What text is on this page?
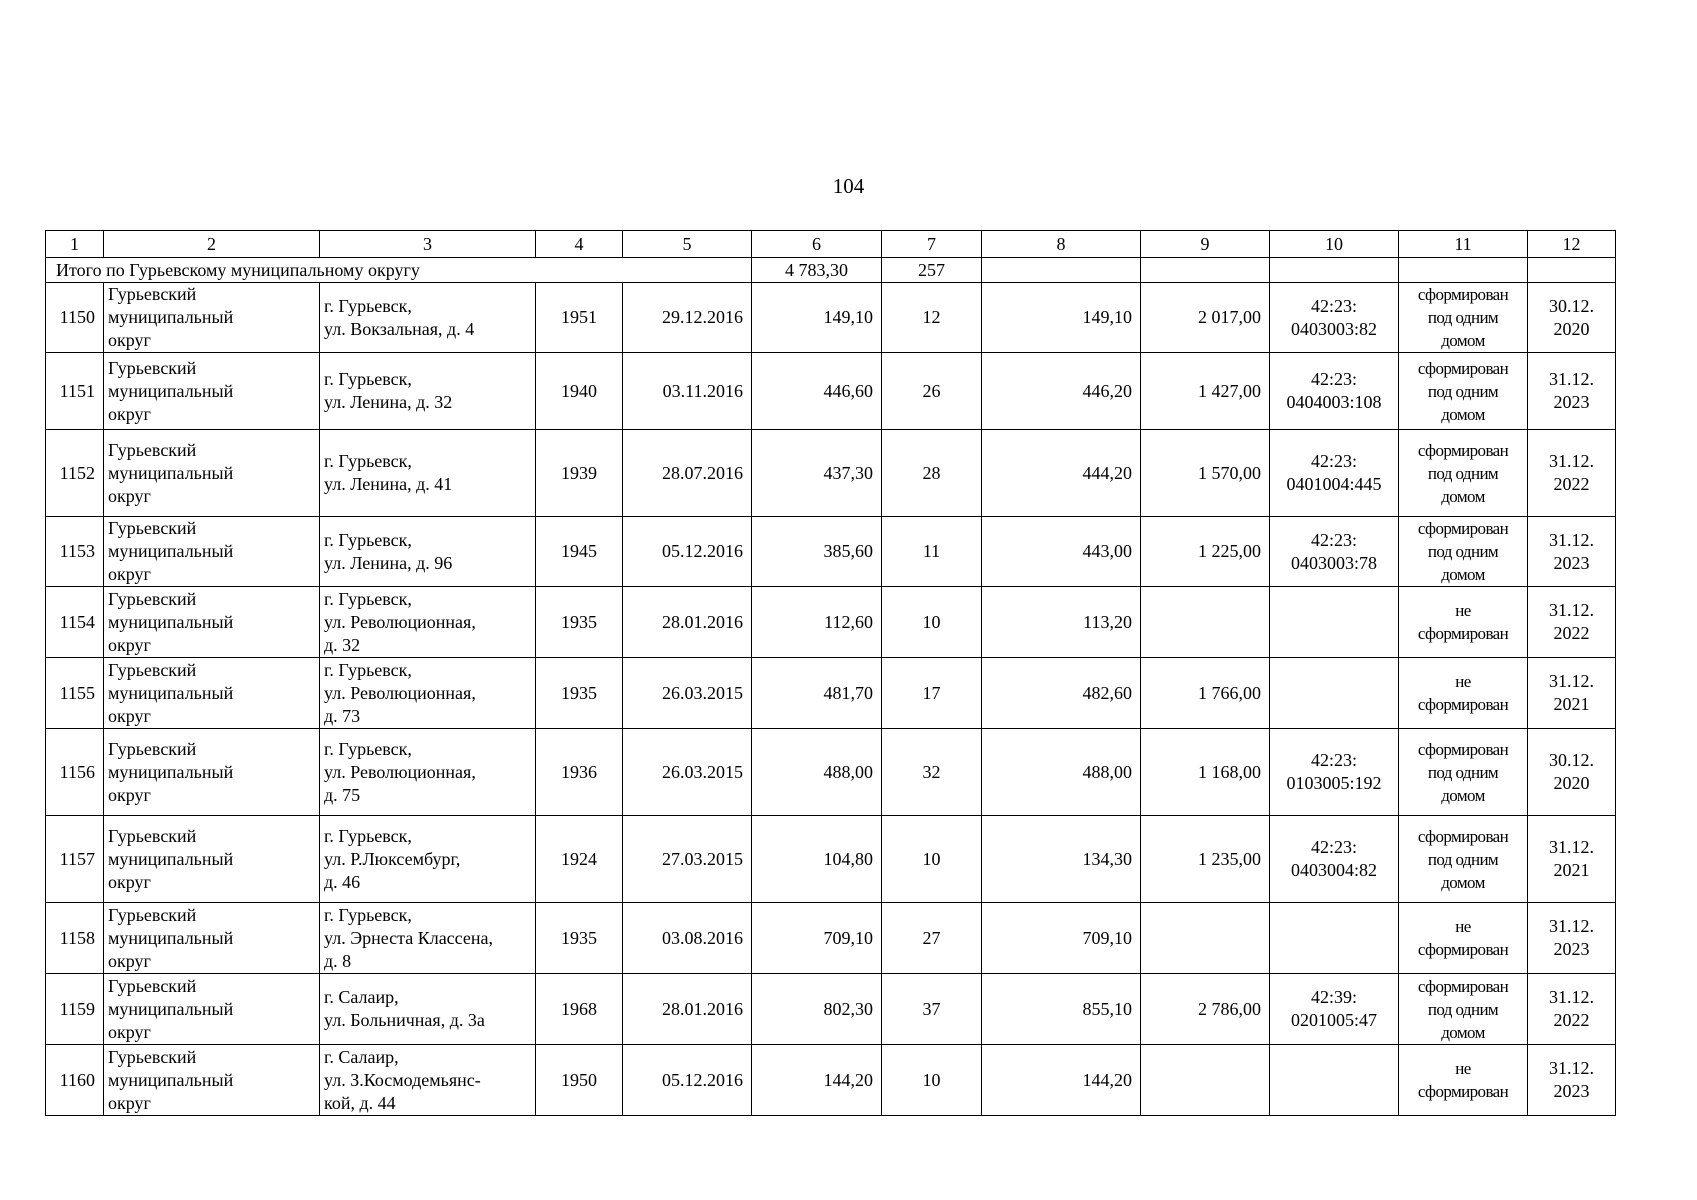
104
1	2	3	4	5	6	7	8	9	10	11	12
Итого по Гурьевскому муниципальному округу					4 783,30	257					
1150	Гурьевский
муниципальный
округ	г. Гурьевск,
ул. Вокзальная, д. 4	1951	29.12.2016	149,10	12	149,10	2 017,00	42:23:
0403003:82	сформирован
под одним
домом	30.12.
2020
1151	Гурьевский
муниципальный
округ	г. Гурьевск,
ул. Ленина, д. 32	1940	03.11.2016	446,60	26	446,20	1 427,00	42:23:
0404003:108	сформирован
под одним
домом	31.12.
2023
1152	Гурьевский
муниципальный
округ	г. Гурьевск,
ул. Ленина, д. 41	1939	28.07.2016	437,30	28	444,20	1 570,00	42:23:
0401004:445	сформирован
под одним
домом	31.12.
2022
1153	Гурьевский
муниципальный
округ	г. Гурьевск,
ул. Ленина, д. 96	1945	05.12.2016	385,60	11	443,00	1 225,00	42:23:
0403003:78	сформирован
под одним
домом	31.12.
2023
1154	Гурьевский
муниципальный
округ	г. Гурьевск,
ул. Революционная,
д. 32	1935	28.01.2016	112,60	10	113,20			не
сформирован	31.12.
2022
1155	Гурьевский
муниципальный
округ	г. Гурьевск,
ул. Революционная,
д. 73	1935	26.03.2015	481,70	17	482,60	1 766,00		не
сформирован	31.12.
2021
1156	Гурьевский
муниципальный
округ	г. Гурьевск,
ул. Революционная,
д. 75	1936	26.03.2015	488,00	32	488,00	1 168,00	42:23:
0103005:192	сформирован
под одним
домом	30.12.
2020
1157	Гурьевский
муниципальный
округ	г. Гурьевск,
ул. Р.Люксембург,
д. 46	1924	27.03.2015	104,80	10	134,30	1 235,00	42:23:
0403004:82	сформирован
под одним
домом	31.12.
2021
1158	Гурьевский
муниципальный
округ	г. Гурьевск,
ул. Эрнеста Классена,
д. 8	1935	03.08.2016	709,10	27	709,10			не
сформирован	31.12.
2023
1159	Гурьевский
муниципальный
округ	г. Салаир,
ул. Больничная, д. 3а	1968	28.01.2016	802,30	37	855,10	2 786,00	42:39:
0201005:47	сформирован
под одним
домом	31.12.
2022
1160	Гурьевский
муниципальный
округ	г. Салаир,
ул. З.Космодемьянс-
кой, д. 44	1950	05.12.2016	144,20	10	144,20			не
сформирован	31.12.
2023
